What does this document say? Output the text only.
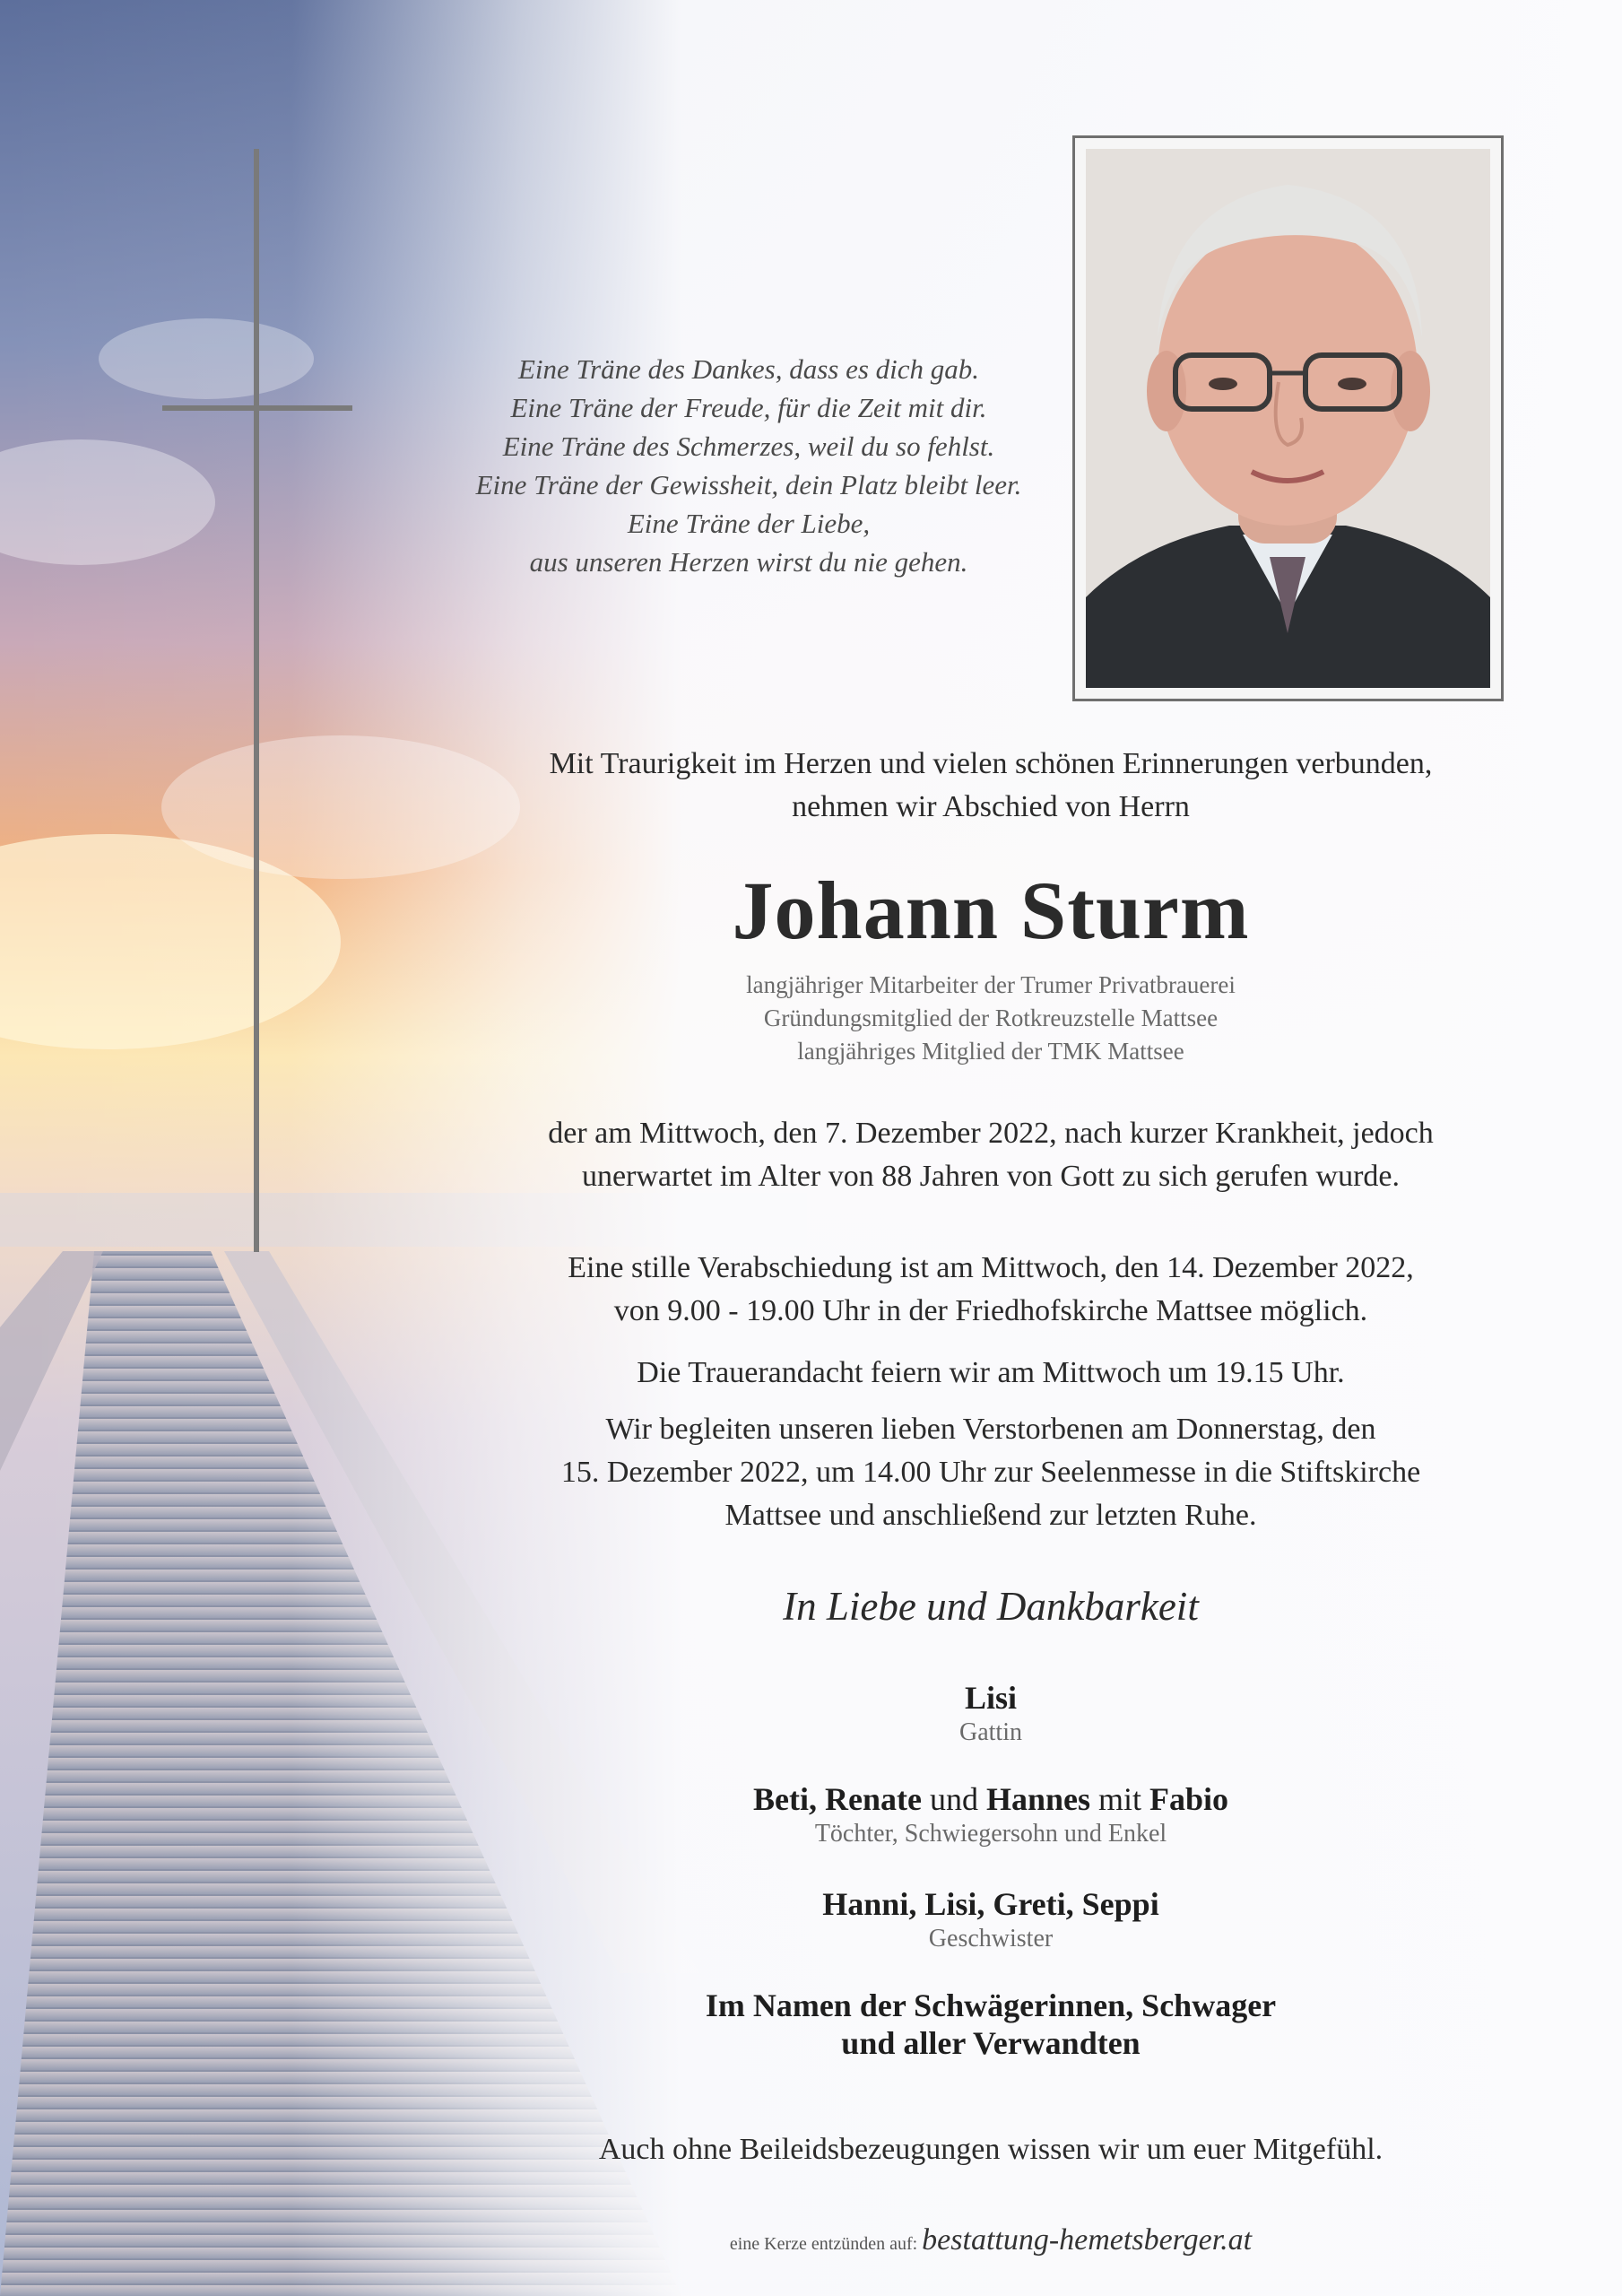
Eine Träne des Dankes, dass es dich gab.
Eine Träne der Freude, für die Zeit mit dir.
Eine Träne des Schmerzes, weil du so fehlst.
Eine Träne der Gewissheit, dein Platz bleibt leer.
Eine Träne der Liebe,
aus unseren Herzen wirst du nie gehen.
Mit Traurigkeit im Herzen und vielen schönen Erinnerungen verbunden,
nehmen wir Abschied von Herrn
Johann Sturm
langjähriger Mitarbeiter der Trumer Privatbrauerei
Gründungsmitglied der Rotkreuzstelle Mattsee
langjähriges Mitglied der TMK Mattsee
der am Mittwoch, den 7. Dezember 2022, nach kurzer Krankheit, jedoch
unerwartet im Alter von 88 Jahren von Gott zu sich gerufen wurde.
Eine stille Verabschiedung ist am Mittwoch, den 14. Dezember 2022,
von 9.00 - 19.00 Uhr in der Friedhofskirche Mattsee möglich.
Die Trauerandacht feiern wir am Mittwoch um 19.15 Uhr.
Wir begleiten unseren lieben Verstorbenen am Donnerstag, den
15. Dezember 2022, um 14.00 Uhr zur Seelenmesse in die Stiftskirche
Mattsee und anschließend zur letzten Ruhe.
In Liebe und Dankbarkeit
Lisi
Gattin
Beti, Renate und Hannes mit Fabio
Töchter, Schwiegersohn und Enkel
Hanni, Lisi, Greti, Seppi
Geschwister
Im Namen der Schwägerinnen, Schwager
und aller Verwandten
Auch ohne Beileidsbezeugungen wissen wir um euer Mitgefühl.
eine Kerze entzünden auf: bestattung-hemetsberger.at
